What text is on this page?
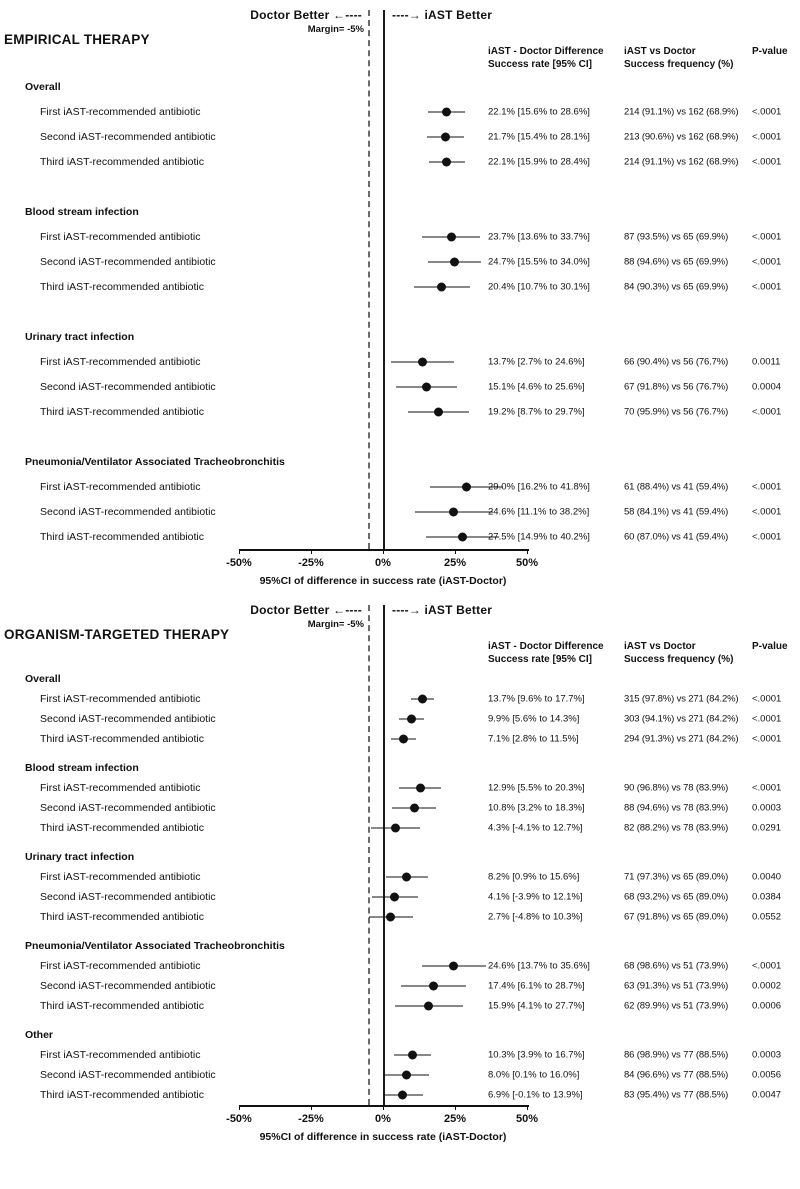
Doctor Better ←----	----→ iAST Better
Margin= -5%
EMPIRICAL THERAPY
iAST - Doctor Difference
Success rate [95% CI]
iAST vs Doctor
Success frequency (%)
P-value
Overall
First iAST-recommended antibiotic	22.1% [15.6% to 28.6%]	214 (91.1%) vs 162 (68.9%) <.0001
Second iAST-recommended antibiotic	21.7% [15.4% to 28.1%]	213 (90.6%) vs 162 (68.9%) <.0001
Third iAST-recommended antibiotic	22.1% [15.9% to 28.4%]	214 (91.1%) vs 162 (68.9%) <.0001
Blood stream infection
First iAST-recommended antibiotic	23.7% [13.6% to 33.7%]	87 (93.5%) vs 65 (69.9%)	<.0001
Second iAST-recommended antibiotic	24.7% [15.5% to 34.0%]	88 (94.6%) vs 65 (69.9%)	<.0001
Third iAST-recommended antibiotic	20.4% [10.7% to 30.1%]	84 (90.3%) vs 65 (69.9%)	<.0001
Urinary tract infection
First iAST-recommended antibiotic	13.7% [2.7% to 24.6%]	66 (90.4%) vs 56 (76.7%)	0.0011
Second iAST-recommended antibiotic	15.1% [4.6% to 25.6%]	67 (91.8%) vs 56 (76.7%)	0.0004
Third iAST-recommended antibiotic	19.2% [8.7% to 29.7%]	70 (95.9%) vs 56 (76.7%)	<.0001
Pneumonia/Ventilator Associated Tracheobronchitis
First iAST-recommended antibiotic	29.0% [16.2% to 41.8%]	61 (88.4%) vs 41 (59.4%)	<.0001
Second iAST-recommended antibiotic	24.6% [11.1% to 38.2%]	58 (84.1%) vs 41 (59.4%)	<.0001
Third iAST-recommended antibiotic	27.5% [14.9% to 40.2%]	60 (87.0%) vs 41 (59.4%)	<.0001
-50%	-25%	0%	25%	50%
95%CI of difference in success rate (iAST-Doctor)
Doctor Better ←----	----→ iAST Better
Margin= -5%
ORGANISM-TARGETED THERAPY
iAST - Doctor Difference
Success rate [95% CI]
iAST vs Doctor
Success frequency (%)
P-value
Overall
First iAST-recommended antibiotic	13.7% [9.6% to 17.7%]	315 (97.8%) vs 271 (84.2%) <.0001
Second iAST-recommended antibiotic	9.9% [5.6% to 14.3%]	303 (94.1%) vs 271 (84.2%) <.0001
Third iAST-recommended antibiotic	7.1% [2.8% to 11.5%]	294 (91.3%) vs 271 (84.2%) <.0001
Blood stream infection
First iAST-recommended antibiotic	12.9% [5.5% to 20.3%]	90 (96.8%) vs 78 (83.9%)	<.0001
Second iAST-recommended antibiotic	10.8% [3.2% to 18.3%]	88 (94.6%) vs 78 (83.9%)	0.0003
Third iAST-recommended antibiotic	4.3% [-4.1% to 12.7%]	82 (88.2%) vs 78 (83.9%)	0.0291
Urinary tract infection
First iAST-recommended antibiotic	8.2% [0.9% to 15.6%]	71 (97.3%) vs 65 (89.0%)	0.0040
Second iAST-recommended antibiotic	4.1% [-3.9% to 12.1%]	68 (93.2%) vs 65 (89.0%)	0.0384
Third iAST-recommended antibiotic	2.7% [-4.8% to 10.3%]	67 (91.8%) vs 65 (89.0%)	0.0552
Pneumonia/Ventilator Associated Tracheobronchitis
First iAST-recommended antibiotic	24.6% [13.7% to 35.6%]	68 (98.6%) vs 51 (73.9%)	<.0001
Second iAST-recommended antibiotic	17.4% [6.1% to 28.7%]	63 (91.3%) vs 51 (73.9%)	0.0002
Third iAST-recommended antibiotic	15.9% [4.1% to 27.7%]	62 (89.9%) vs 51 (73.9%)	0.0006
Other
First iAST-recommended antibiotic	10.3% [3.9% to 16.7%]	86 (98.9%) vs 77 (88.5%)	0.0003
Second iAST-recommended antibiotic	8.0% [0.1% to 16.0%]	84 (96.6%) vs 77 (88.5%)	0.0056
Third iAST-recommended antibiotic	6.9% [-0.1% to 13.9%]	83 (95.4%) vs 77 (88.5%)	0.0047
-50%	-25%	0%	25%	50%
95%CI of difference in success rate (iAST-Doctor)
